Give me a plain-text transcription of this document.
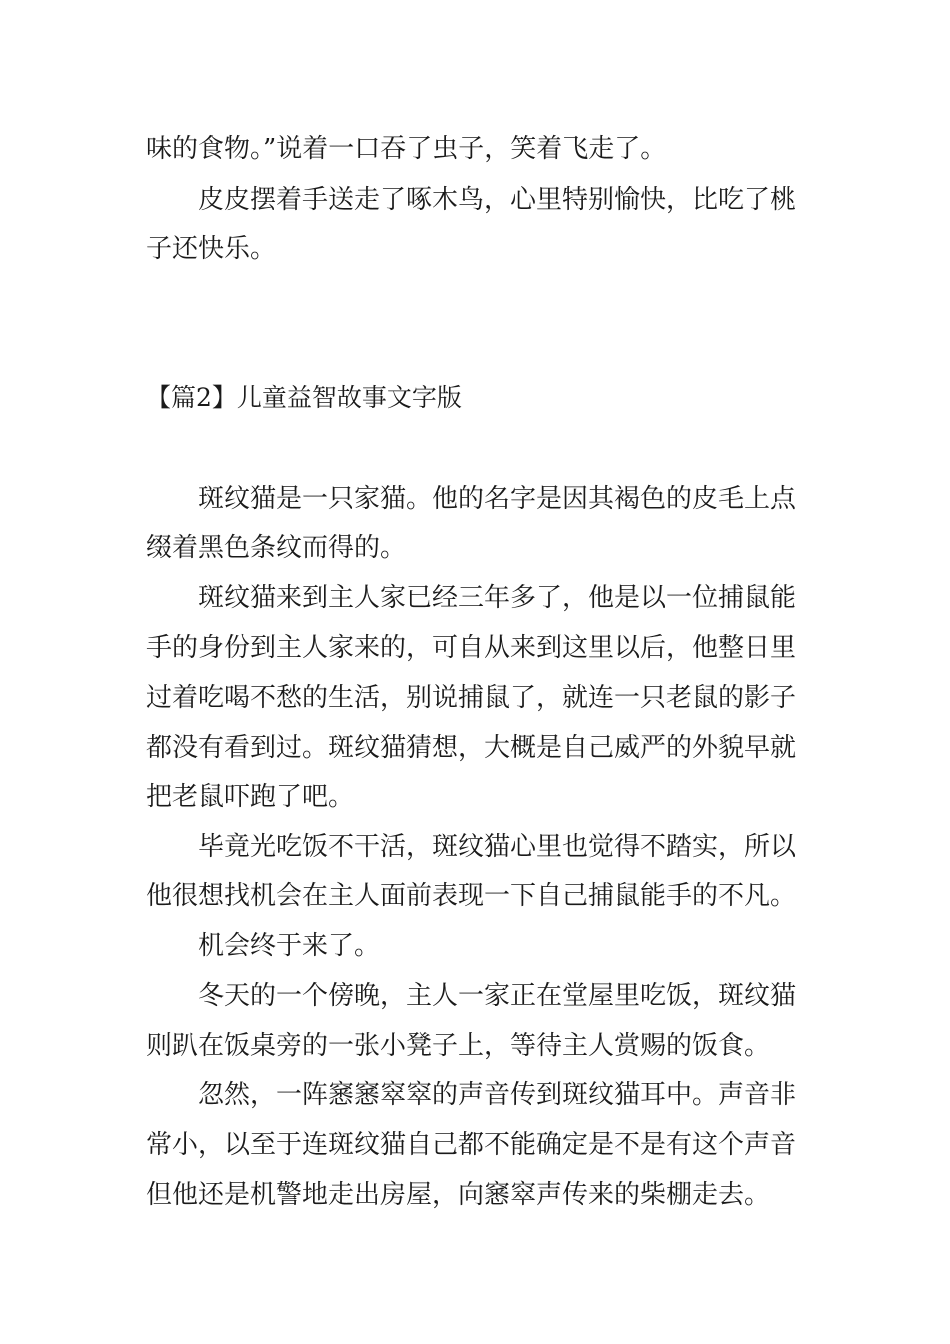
味的食物。”说着一口吞了虫子，笑着飞走了。
皮皮摆着手送走了啄木鸟，心里特别愉快，比吃了桃
子还快乐。
【篇2】儿童益智故事文字版
斑纹猫是一只家猫。他的名字是因其褐色的皮毛上点
缀着黑色条纹而得的。
斑纹猫来到主人家已经三年多了，他是以一位捕鼠能
手的身份到主人家来的，可自从来到这里以后，他整日里
过着吃喝不愁的生活，别说捕鼠了，就连一只老鼠的影子
都没有看到过。斑纹猫猜想，大概是自己威严的外貌早就
把老鼠吓跑了吧。
毕竟光吃饭不干活，斑纹猫心里也觉得不踏实，所以
他很想找机会在主人面前表现一下自己捕鼠能手的不凡。
机会终于来了。
冬天的一个傍晚，主人一家正在堂屋里吃饭，斑纹猫
则趴在饭桌旁的一张小凳子上，等待主人赏赐的饭食。
忽然，一阵窸窸窣窣的声音传到斑纹猫耳中。声音非
常小，以至于连斑纹猫自己都不能确定是不是有这个声音
但他还是机警地走出房屋，向窸窣声传来的柴棚走去。
